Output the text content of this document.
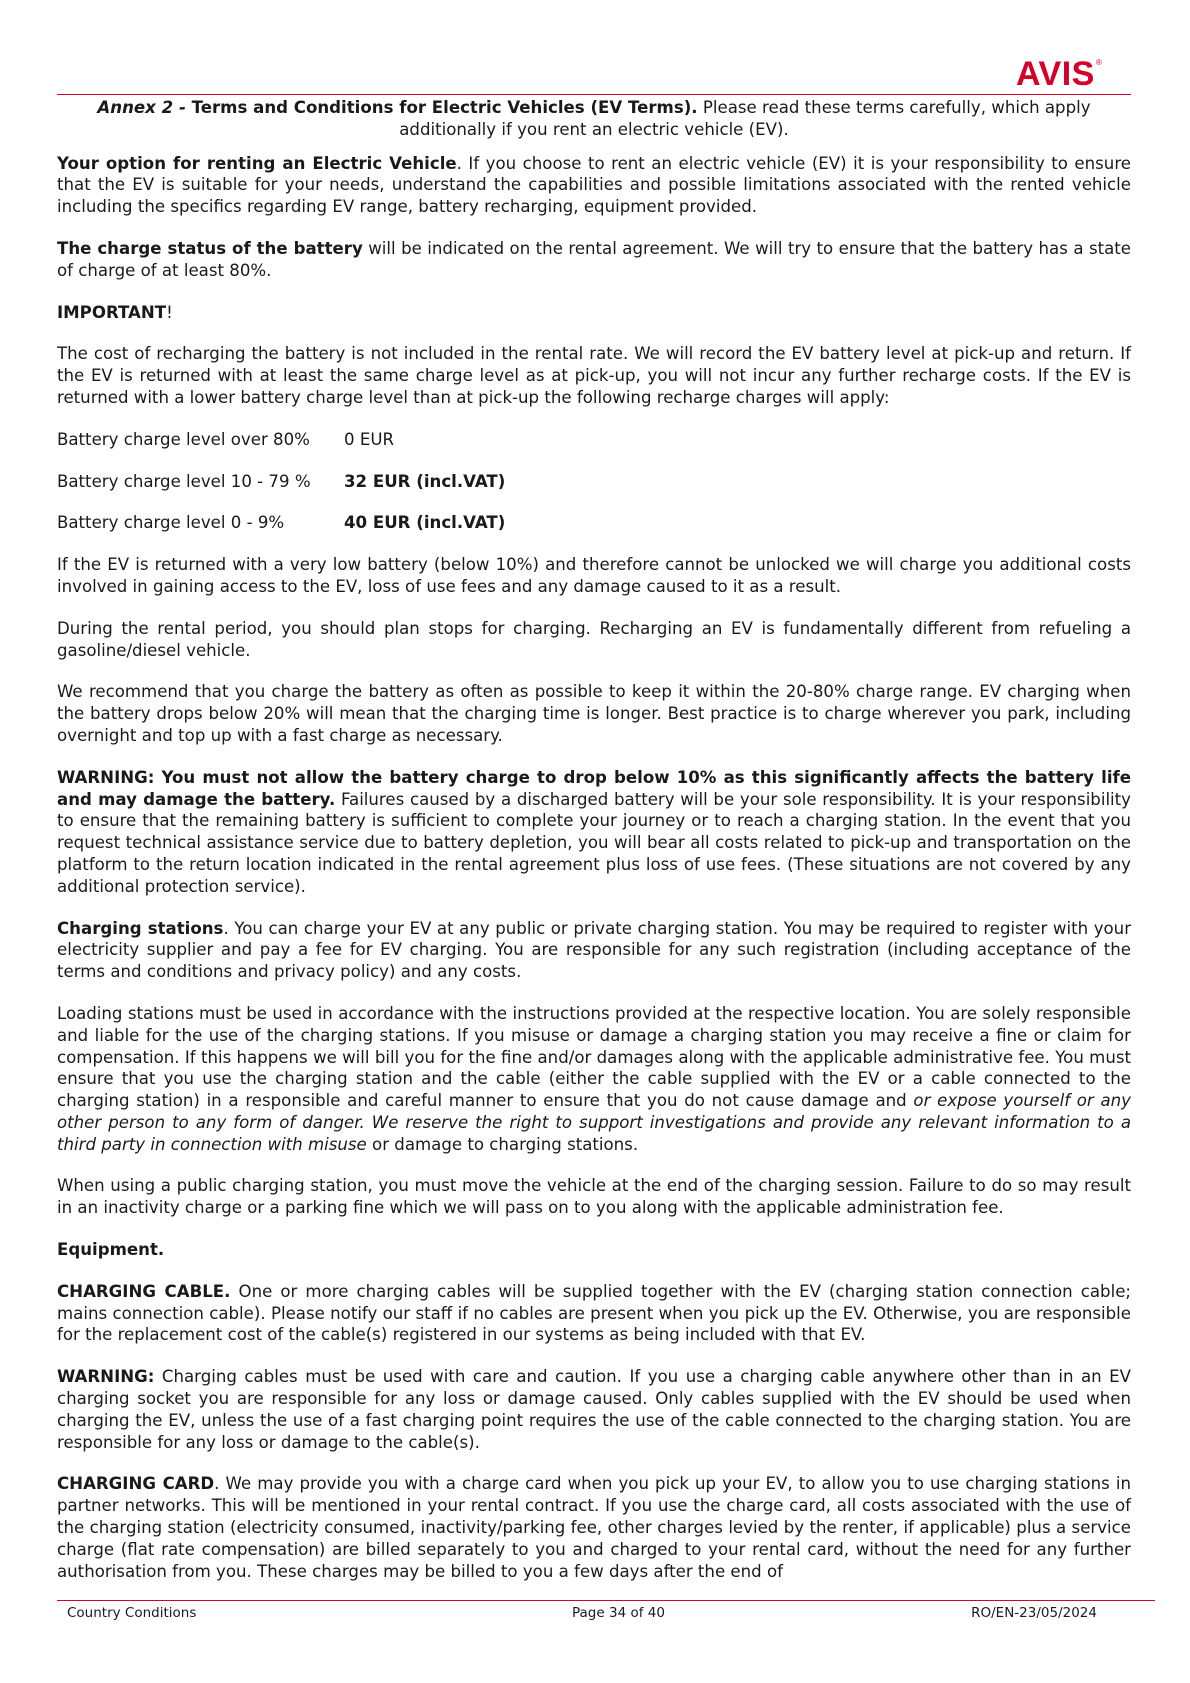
AVIS®

Annex 2 - Terms and Conditions for Electric Vehicles (EV Terms). Please read these terms carefully, which apply additionally if you rent an electric vehicle (EV).

Your option for renting an Electric Vehicle. If you choose to rent an electric vehicle (EV) it is your responsibility to ensure that the EV is suitable for your needs, understand the capabilities and possible limitations associated with the rented vehicle including the specifics regarding EV range, battery recharging, equipment provided.

The charge status of the battery will be indicated on the rental agreement. We will try to ensure that the battery has a state of charge of at least 80%.

IMPORTANT!

The cost of recharging the battery is not included in the rental rate. We will record the EV battery level at pick-up and return. If the EV is returned with at least the same charge level as at pick-up, you will not incur any further recharge costs. If the EV is returned with a lower battery charge level than at pick-up the following recharge charges will apply:

Battery charge level over 80%	0 EUR
Battery charge level 10 - 79 %	32 EUR (incl.VAT)
Battery charge level 0 - 9%	40 EUR (incl.VAT)

If the EV is returned with a very low battery (below 10%) and therefore cannot be unlocked we will charge you additional costs involved in gaining access to the EV, loss of use fees and any damage caused to it as a result.

During the rental period, you should plan stops for charging. Recharging an EV is fundamentally different from refueling a gasoline/diesel vehicle.

We recommend that you charge the battery as often as possible to keep it within the 20-80% charge range. EV charging when the battery drops below 20% will mean that the charging time is longer. Best practice is to charge wherever you park, including overnight and top up with a fast charge as necessary.

WARNING: You must not allow the battery charge to drop below 10% as this significantly affects the battery life and may damage the battery. Failures caused by a discharged battery will be your sole responsibility. It is your responsibility to ensure that the remaining battery is sufficient to complete your journey or to reach a charging station. In the event that you request technical assistance service due to battery depletion, you will bear all costs related to pick-up and transportation on the platform to the return location indicated in the rental agreement plus loss of use fees. (These situations are not covered by any additional protection service).

Charging stations. You can charge your EV at any public or private charging station. You may be required to register with your electricity supplier and pay a fee for EV charging. You are responsible for any such registration (including acceptance of the terms and conditions and privacy policy) and any costs.

Loading stations must be used in accordance with the instructions provided at the respective location. You are solely responsible and liable for the use of the charging stations. If you misuse or damage a charging station you may receive a fine or claim for compensation. If this happens we will bill you for the fine and/or damages along with the applicable administrative fee. You must ensure that you use the charging station and the cable (either the cable supplied with the EV or a cable connected to the charging station) in a responsible and careful manner to ensure that you do not cause damage and or expose yourself or any other person to any form of danger. We reserve the right to support investigations and provide any relevant information to a third party in connection with misuse or damage to charging stations.

When using a public charging station, you must move the vehicle at the end of the charging session. Failure to do so may result in an inactivity charge or a parking fine which we will pass on to you along with the applicable administration fee.

Equipment.

CHARGING CABLE. One or more charging cables will be supplied together with the EV (charging station connection cable; mains connection cable). Please notify our staff if no cables are present when you pick up the EV. Otherwise, you are responsible for the replacement cost of the cable(s) registered in our systems as being included with that EV.

WARNING: Charging cables must be used with care and caution. If you use a charging cable anywhere other than in an EV charging socket you are responsible for any loss or damage caused. Only cables supplied with the EV should be used when charging the EV, unless the use of a fast charging point requires the use of the cable connected to the charging station. You are responsible for any loss or damage to the cable(s).

CHARGING CARD. We may provide you with a charge card when you pick up your EV, to allow you to use charging stations in partner networks. This will be mentioned in your rental contract. If you use the charge card, all costs associated with the use of the charging station (electricity consumed, inactivity/parking fee, other charges levied by the renter, if applicable) plus a service charge (flat rate compensation) are billed separately to you and charged to your rental card, without the need for any further authorisation from you. These charges may be billed to you a few days after the end of

Country Conditions	Page 34 of 40	RO/EN-23/05/2024
